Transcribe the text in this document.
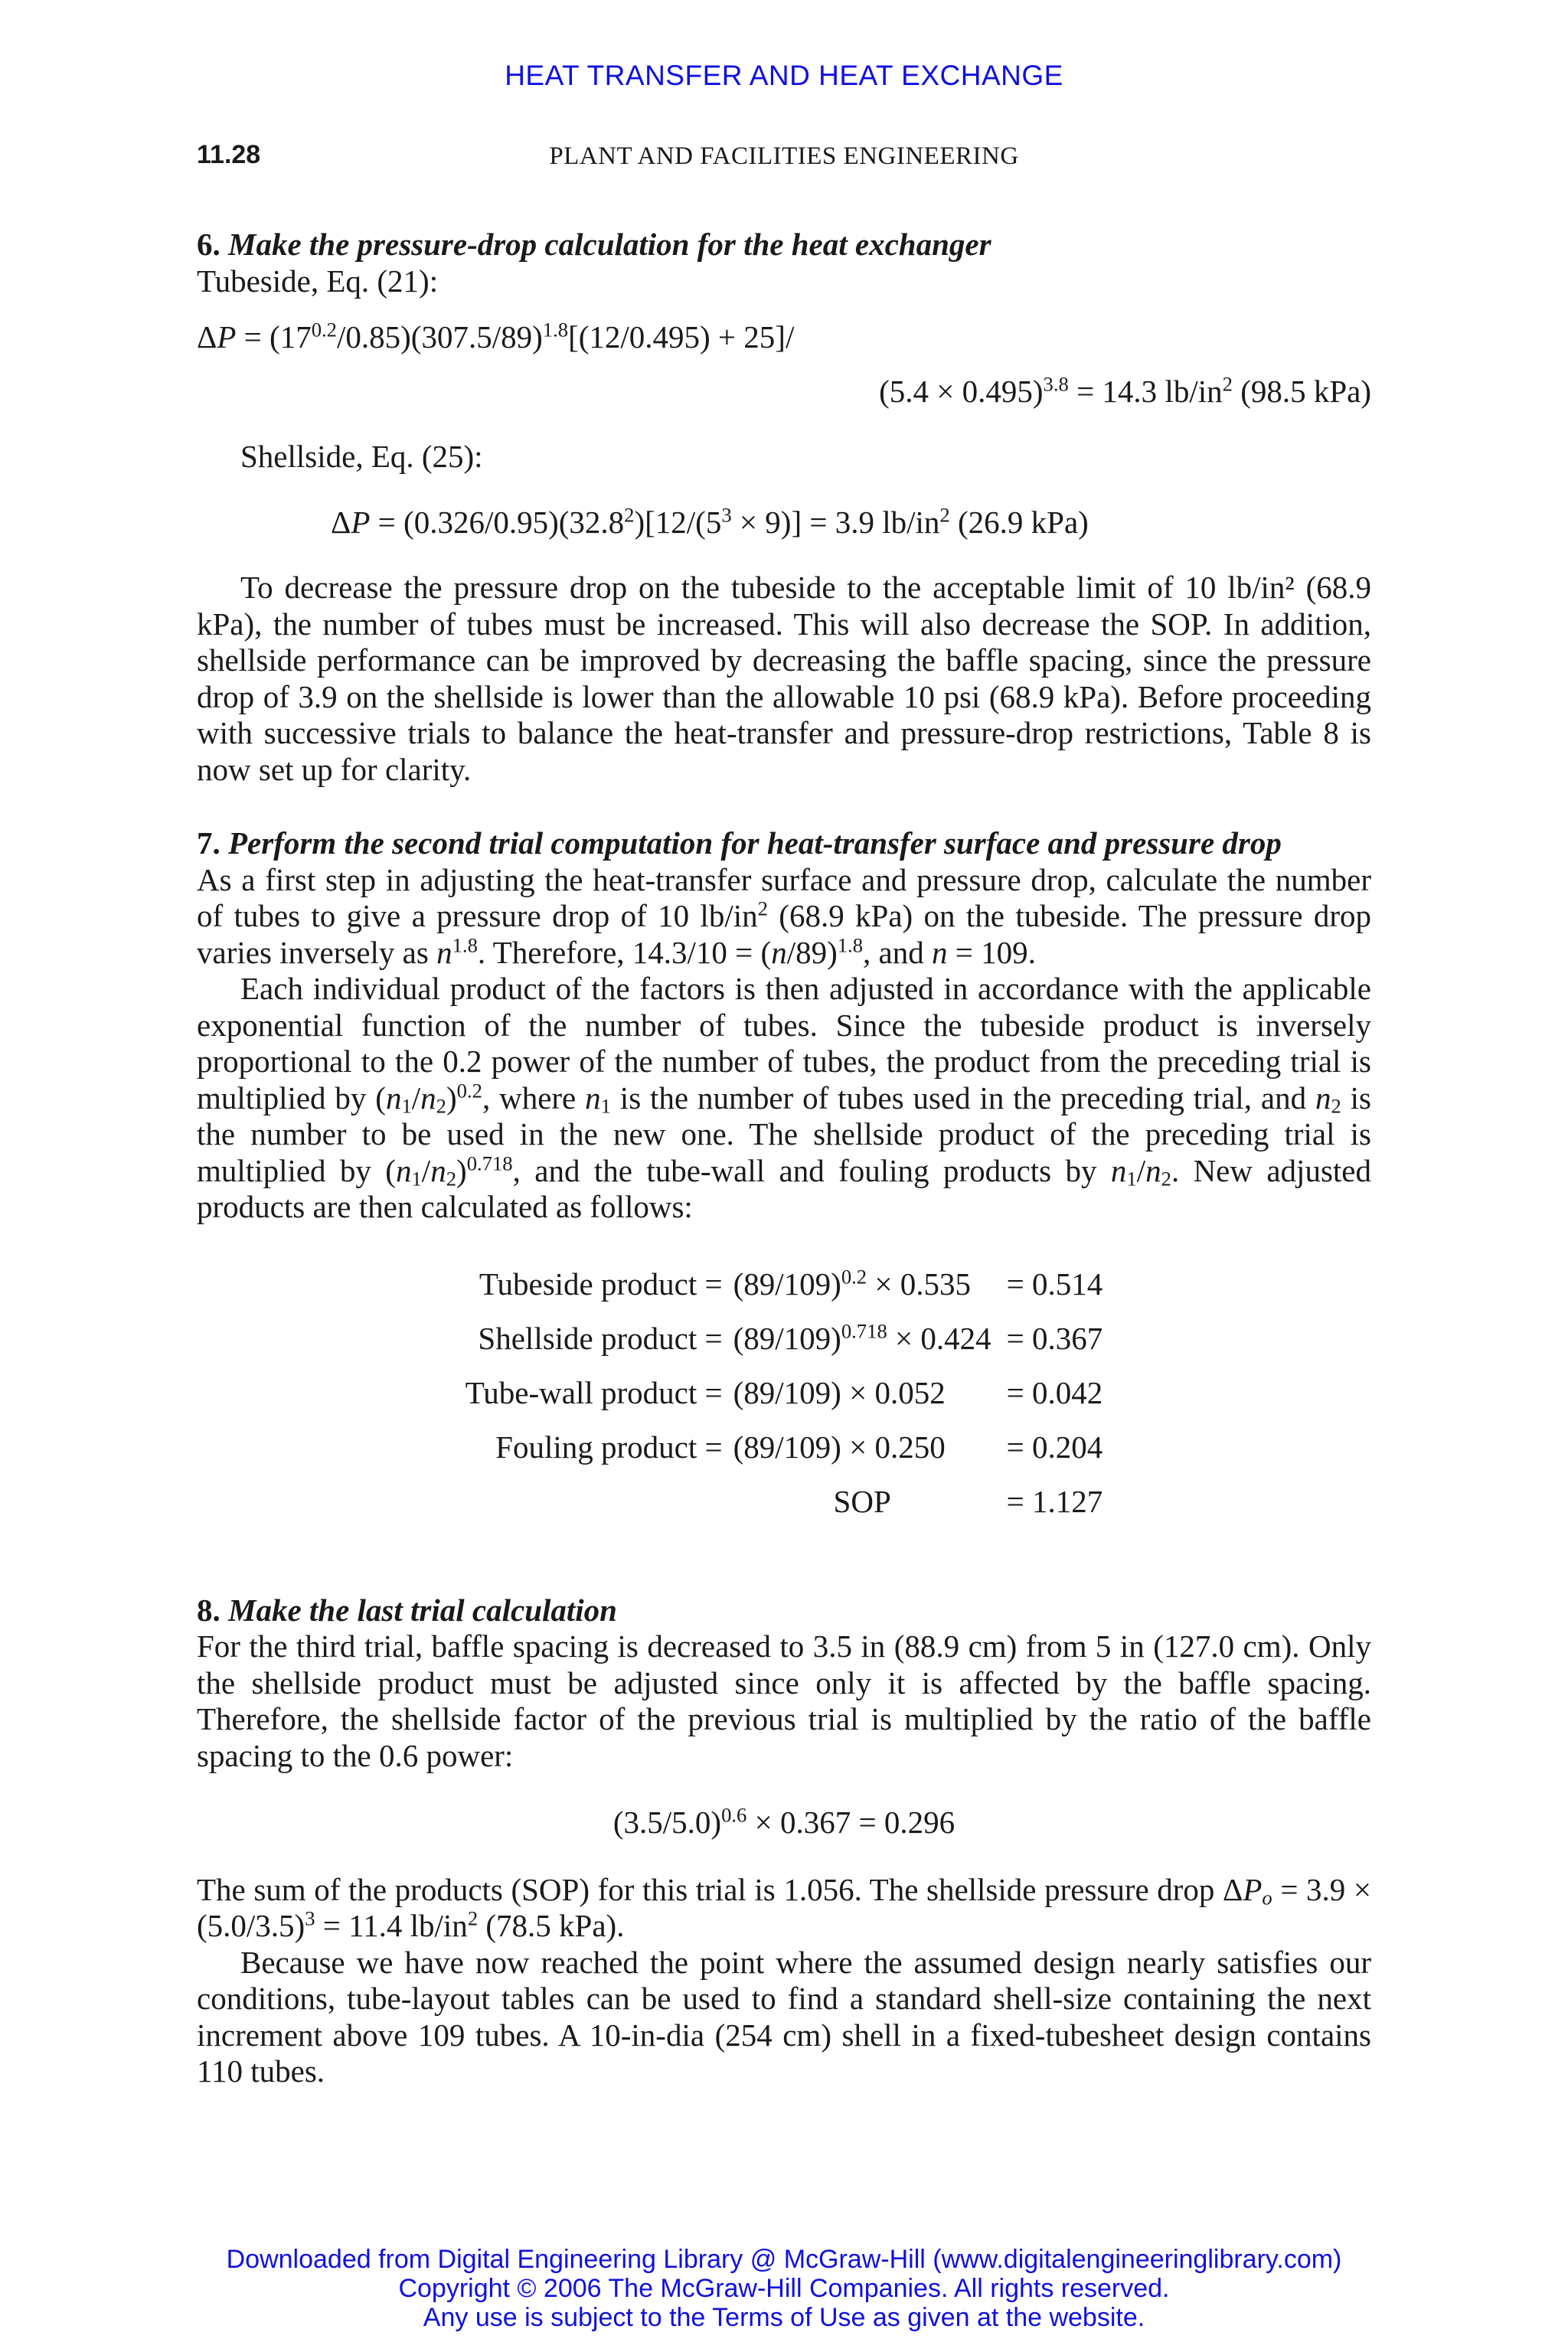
HEAT TRANSFER AND HEAT EXCHANGE
11.28	PLANT AND FACILITIES ENGINEERING
6. Make the pressure-drop calculation for the heat exchanger
Tubeside, Eq. (21):
$\Delta P = (17^{0.2}/0.85)(307.5/89)^{1.8}[(12/0.495) + 25]/$
$(5.4 \times 0.495)^{3.8} = 14.3$ $lb/in^2$ (98.5 kPa)
Shellside, Eq. (25):
$\Delta P = (0.326/0.95)(32.8^2)[12/(5^3 \times 9)] = 3.9$ $lb/in^2$ (26.9 kPa)

To decrease the pressure drop on the tubeside to the acceptable limit of 10 lb/in² (68.9 kPa), the number of tubes must be increased. This will also decrease the SOP. In addition, shellside performance can be improved by decreasing the baffle spacing, since the pressure drop of 3.9 on the shellside is lower than the allowable 10 psi (68.9 kPa). Before proceeding with successive trials to balance the heat-transfer and pressure-drop restrictions, Table 8 is now set up for clarity.

7. Perform the second trial computation for heat-transfer surface and pressure drop

As a first step in adjusting the heat-transfer surface and pressure drop, calculate the number of tubes to give a pressure drop of 10 $lb/in^2$ (68.9 kPa) on the tubeside. The pressure drop varies inversely as $n^{1.8}$. Therefore, $14.3/10 = (n/89)^{1.8}$, and n = 109.

Each individual product of the factors is then adjusted in accordance with the applicable exponential function of the number of tubes. Since the tubeside product is inversely proportional to the 0.2 power of the number of tubes, the product from the preceding trial is multiplied by $(n_1/n_2)^{0.2}$, where $n_1$ is the number of tubes used in the preceding trial, and $n_2$ is the number to be used in the new one. The shellside product of the preceding trial is multiplied by $(n_1/n_2)^{0.718}$, and the tube-wall and fouling products by $n_1/n_2$. New adjusted products are then calculated as follows:

Tubeside product =	$(89/109)^{0.2} \times 0.535$	= 0.514
Shellside product =	$(89/109)^{0.718} \times 0.424$	= 0.367
Tube-wall product =	(89/109) × 0.052	= 0.042
Fouling product =	(89/109) × 0.250	= 0.204
	SOP	= 1.127
8. Make the last trial calculation

For the third trial, baffle spacing is decreased to 3.5 in (88.9 cm) from 5 in (127.0 cm). Only the shellside product must be adjusted since only it is affected by the baffle spacing. Therefore, the shellside factor of the previous trial is multiplied by the ratio of the baffle spacing to the 0.6 power:

$(3.5/5.0)^{0.6} \times 0.367 = 0.296$

The sum of the products (SOP) for this trial is 1.056. The shellside pressure drop $\Delta P_o = 3.9 \times (5.0/3.5)^3 = 11.4$ $lb/in^2$ (78.5 kPa).

Because we have now reached the point where the assumed design nearly satisfies our conditions, tube-layout tables can be used to find a standard shell-size containing the next increment above 109 tubes. A 10-in-dia (254 cm) shell in a fixed-tubesheet design contains 110 tubes.

Downloaded from Digital Engineering Library @ McGraw-Hill (www.digitalengineeringlibrary.com)
Copyright © 2006 The McGraw-Hill Companies. All rights reserved.
Any use is subject to the Terms of Use as given at the website.
